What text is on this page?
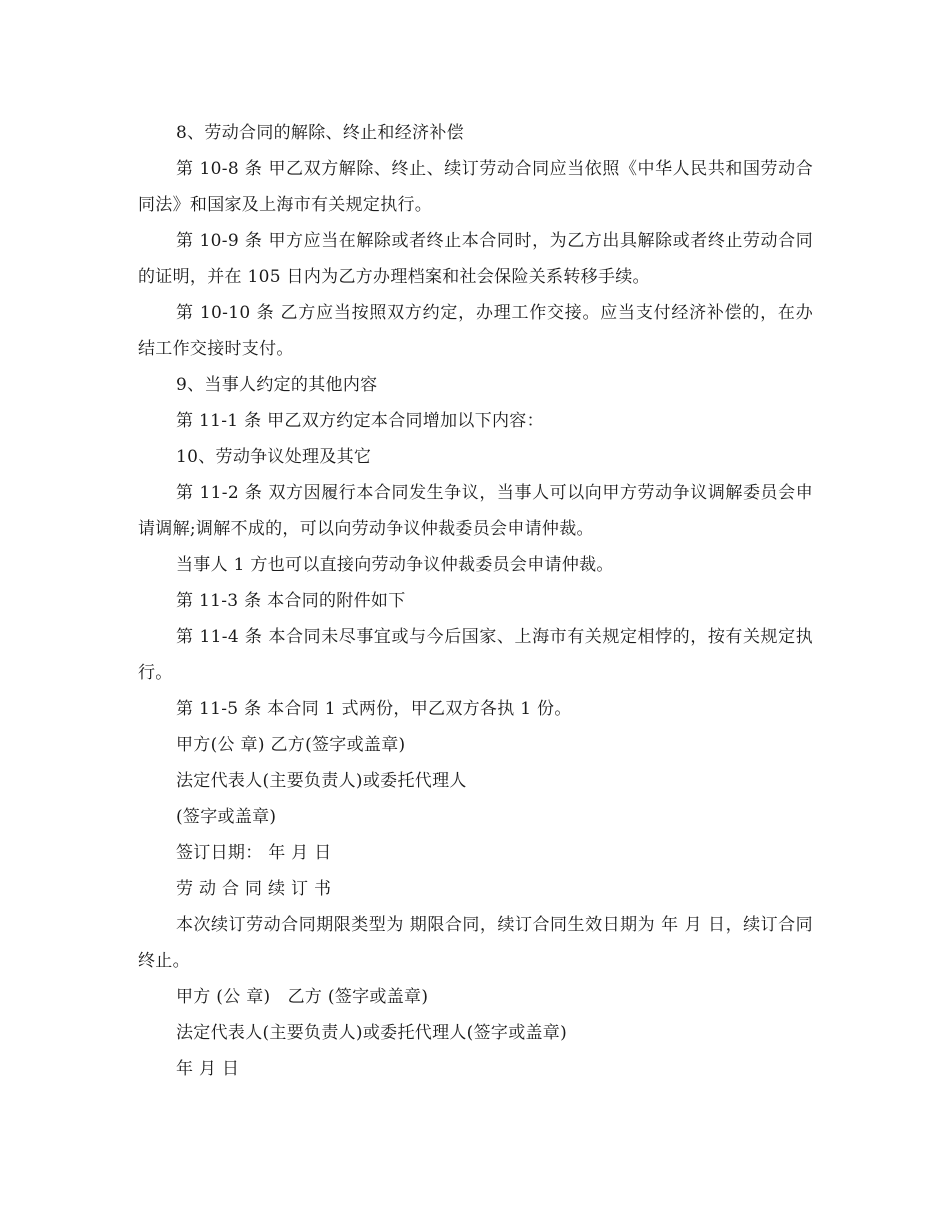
8、劳动合同的解除、终止和经济补偿

第 10-8 条 甲乙双方解除、终止、续订劳动合同应当依照《中华人民共和国劳动合同法》和国家及上海市有关规定执行。

第 10-9 条 甲方应当在解除或者终止本合同时，为乙方出具解除或者终止劳动合同的证明，并在 105 日内为乙方办理档案和社会保险关系转移手续。

第 10-10 条 乙方应当按照双方约定，办理工作交接。应当支付经济补偿的，在办结工作交接时支付。

9、当事人约定的其他内容

第 11-1 条 甲乙双方约定本合同增加以下内容：

10、劳动争议处理及其它

第 11-2 条 双方因履行本合同发生争议，当事人可以向甲方劳动争议调解委员会申请调解;调解不成的，可以向劳动争议仲裁委员会申请仲裁。

当事人 1 方也可以直接向劳动争议仲裁委员会申请仲裁。

第 11-3 条 本合同的附件如下

第 11-4 条 本合同未尽事宜或与今后国家、上海市有关规定相悖的，按有关规定执行。

第 11-5 条 本合同 1 式两份，甲乙双方各执 1 份。

甲方(公 章) 乙方(签字或盖章)

法定代表人(主要负责人)或委托代理人

(签字或盖章)

签订日期： 年 月 日

劳 动 合 同 续 订 书

本次续订劳动合同期限类型为 期限合同，续订合同生效日期为 年 月 日，续订合同 终止。

甲方 (公 章)   乙方 (签字或盖章)

法定代表人(主要负责人)或委托代理人(签字或盖章)

年 月 日
